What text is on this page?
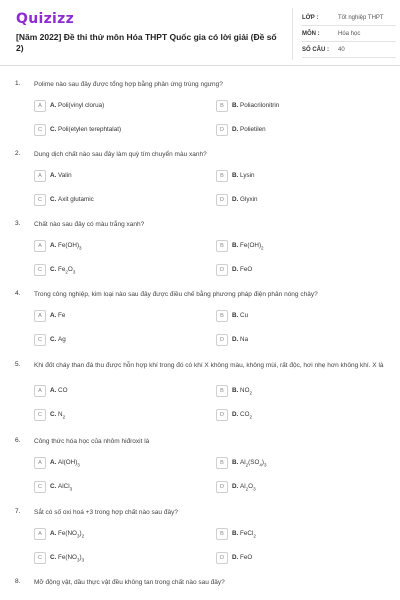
Quizizz
[Năm 2022] Đề thi thử môn Hóa THPT Quốc gia có lời giải (Đề số 2)
LỚP :	Tốt nghiệp THPT
MÔN :	Hóa học
SỐ CÂU : 40
1. Polime nào sau đây được tổng hợp bằng phản ứng trùng ngưng?
A	A. Poli(vinyl clorua)	B	B. Poliacrilonitrin
C	C. Poli(etylen terephtalat)	D	D. Polietilen
2. Dung dịch chất nào sau đây làm quỳ tím chuyển màu xanh?
A	A. Valin	B	B. Lysin
C	C. Axit glutamic	D	D. Glyxin
3. Chất nào sau đây có màu trắng xanh?
A	A. $Fe(OH)_3$	B	B. $Fe(OH)_2$
C	C. $Fe_2O_3$	D	D. FeO
4. Trong công nghiệp, kim loại nào sau đây được điều chế bằng phương pháp điện phân nóng chảy?
A	A. Fe	B	B. Cu
C	C. Ag	D	D. Na
5. Khi đốt cháy than đá thu được hỗn hợp khí trong đó có khí X không màu, không mùi, rất độc, hơi nhẹ hơn không khí. X là
A	A. CO	B	B. $NO_2$
C	C. $N_2$	D	D. $CO_2$
6. Công thức hóa học của nhôm hiđroxit là
A	A. $Al(OH)_3$	B	B. $Al_2(SO_4)_3$
C	C. AlCl$_3$	D	D. $Al_2O_3$
7. Sắt có số oxi hoá +3 trong hợp chất nào sau đây?
A	A. $Fe(NO_3)_2$	B	B. FeCl$_2$
C	C. $Fe(NO_3)_3$	D	D. FeO
8. Mỡ động vật, dầu thực vật đều không tan trong chất nào sau đây?
